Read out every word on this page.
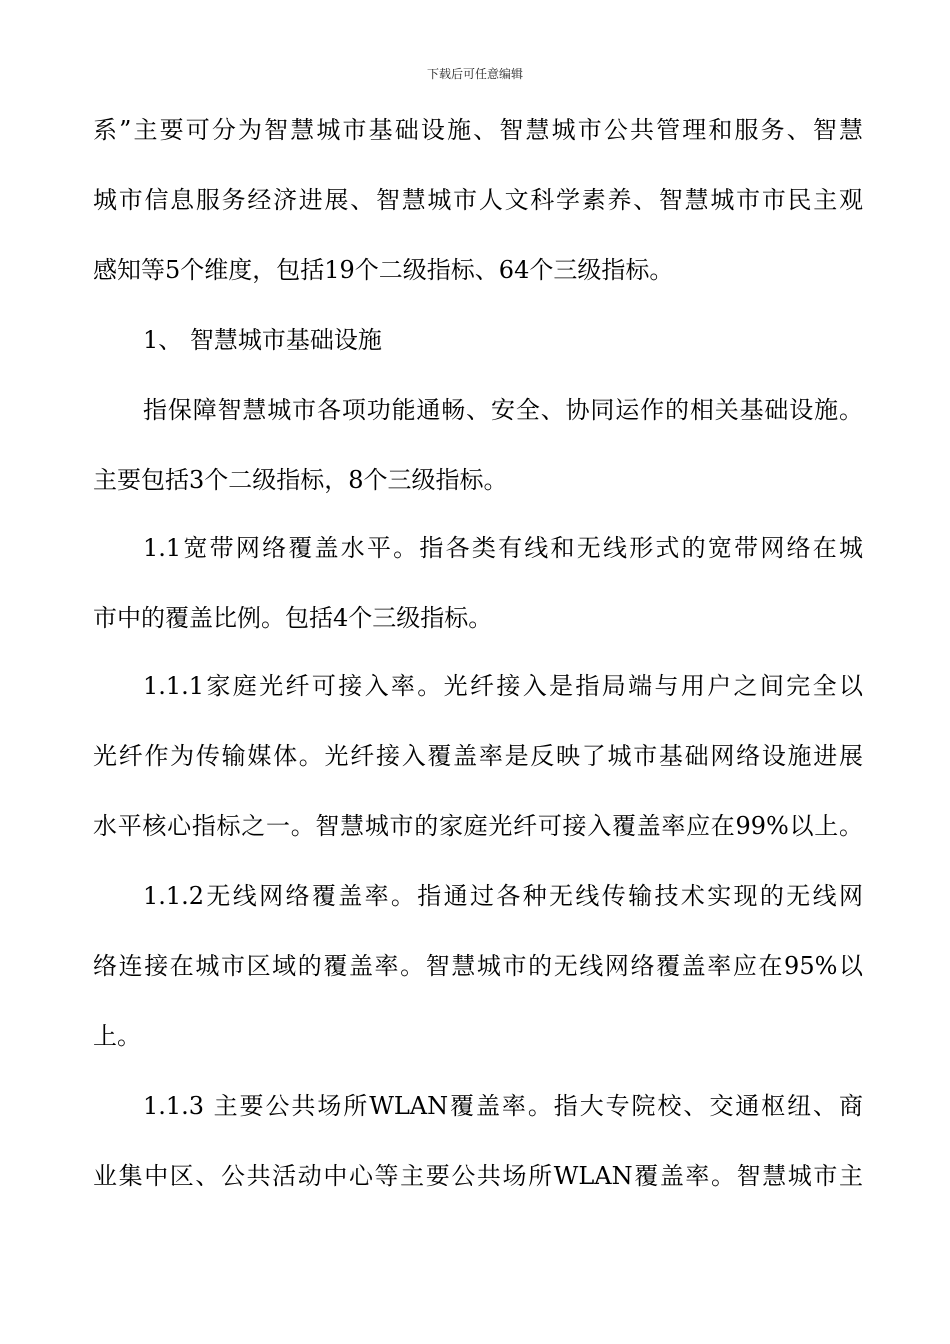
下载后可任意编辑
系”主要可分为智慧城市基础设施、智慧城市公共管理和服务、智慧
城市信息服务经济进展、智慧城市人文科学素养、智慧城市市民主观
感知等5个维度，包括19个二级指标、64个三级指标。
1、 智慧城市基础设施
指保障智慧城市各项功能通畅、安全、协同运作的相关基础设施。
主要包括3个二级指标，8个三级指标。
1.1宽带网络覆盖水平。指各类有线和无线形式的宽带网络在城
市中的覆盖比例。包括4个三级指标。
1.1.1家庭光纤可接入率。光纤接入是指局端与用户之间完全以
光纤作为传输媒体。光纤接入覆盖率是反映了城市基础网络设施进展
水平核心指标之一。智慧城市的家庭光纤可接入覆盖率应在99%以上。
1.1.2无线网络覆盖率。指通过各种无线传输技术实现的无线网
络连接在城市区域的覆盖率。智慧城市的无线网络覆盖率应在95%以
上。
1.1.3 主要公共场所WLAN覆盖率。指大专院校、交通枢纽、商
业集中区、公共活动中心等主要公共场所WLAN覆盖率。智慧城市主
